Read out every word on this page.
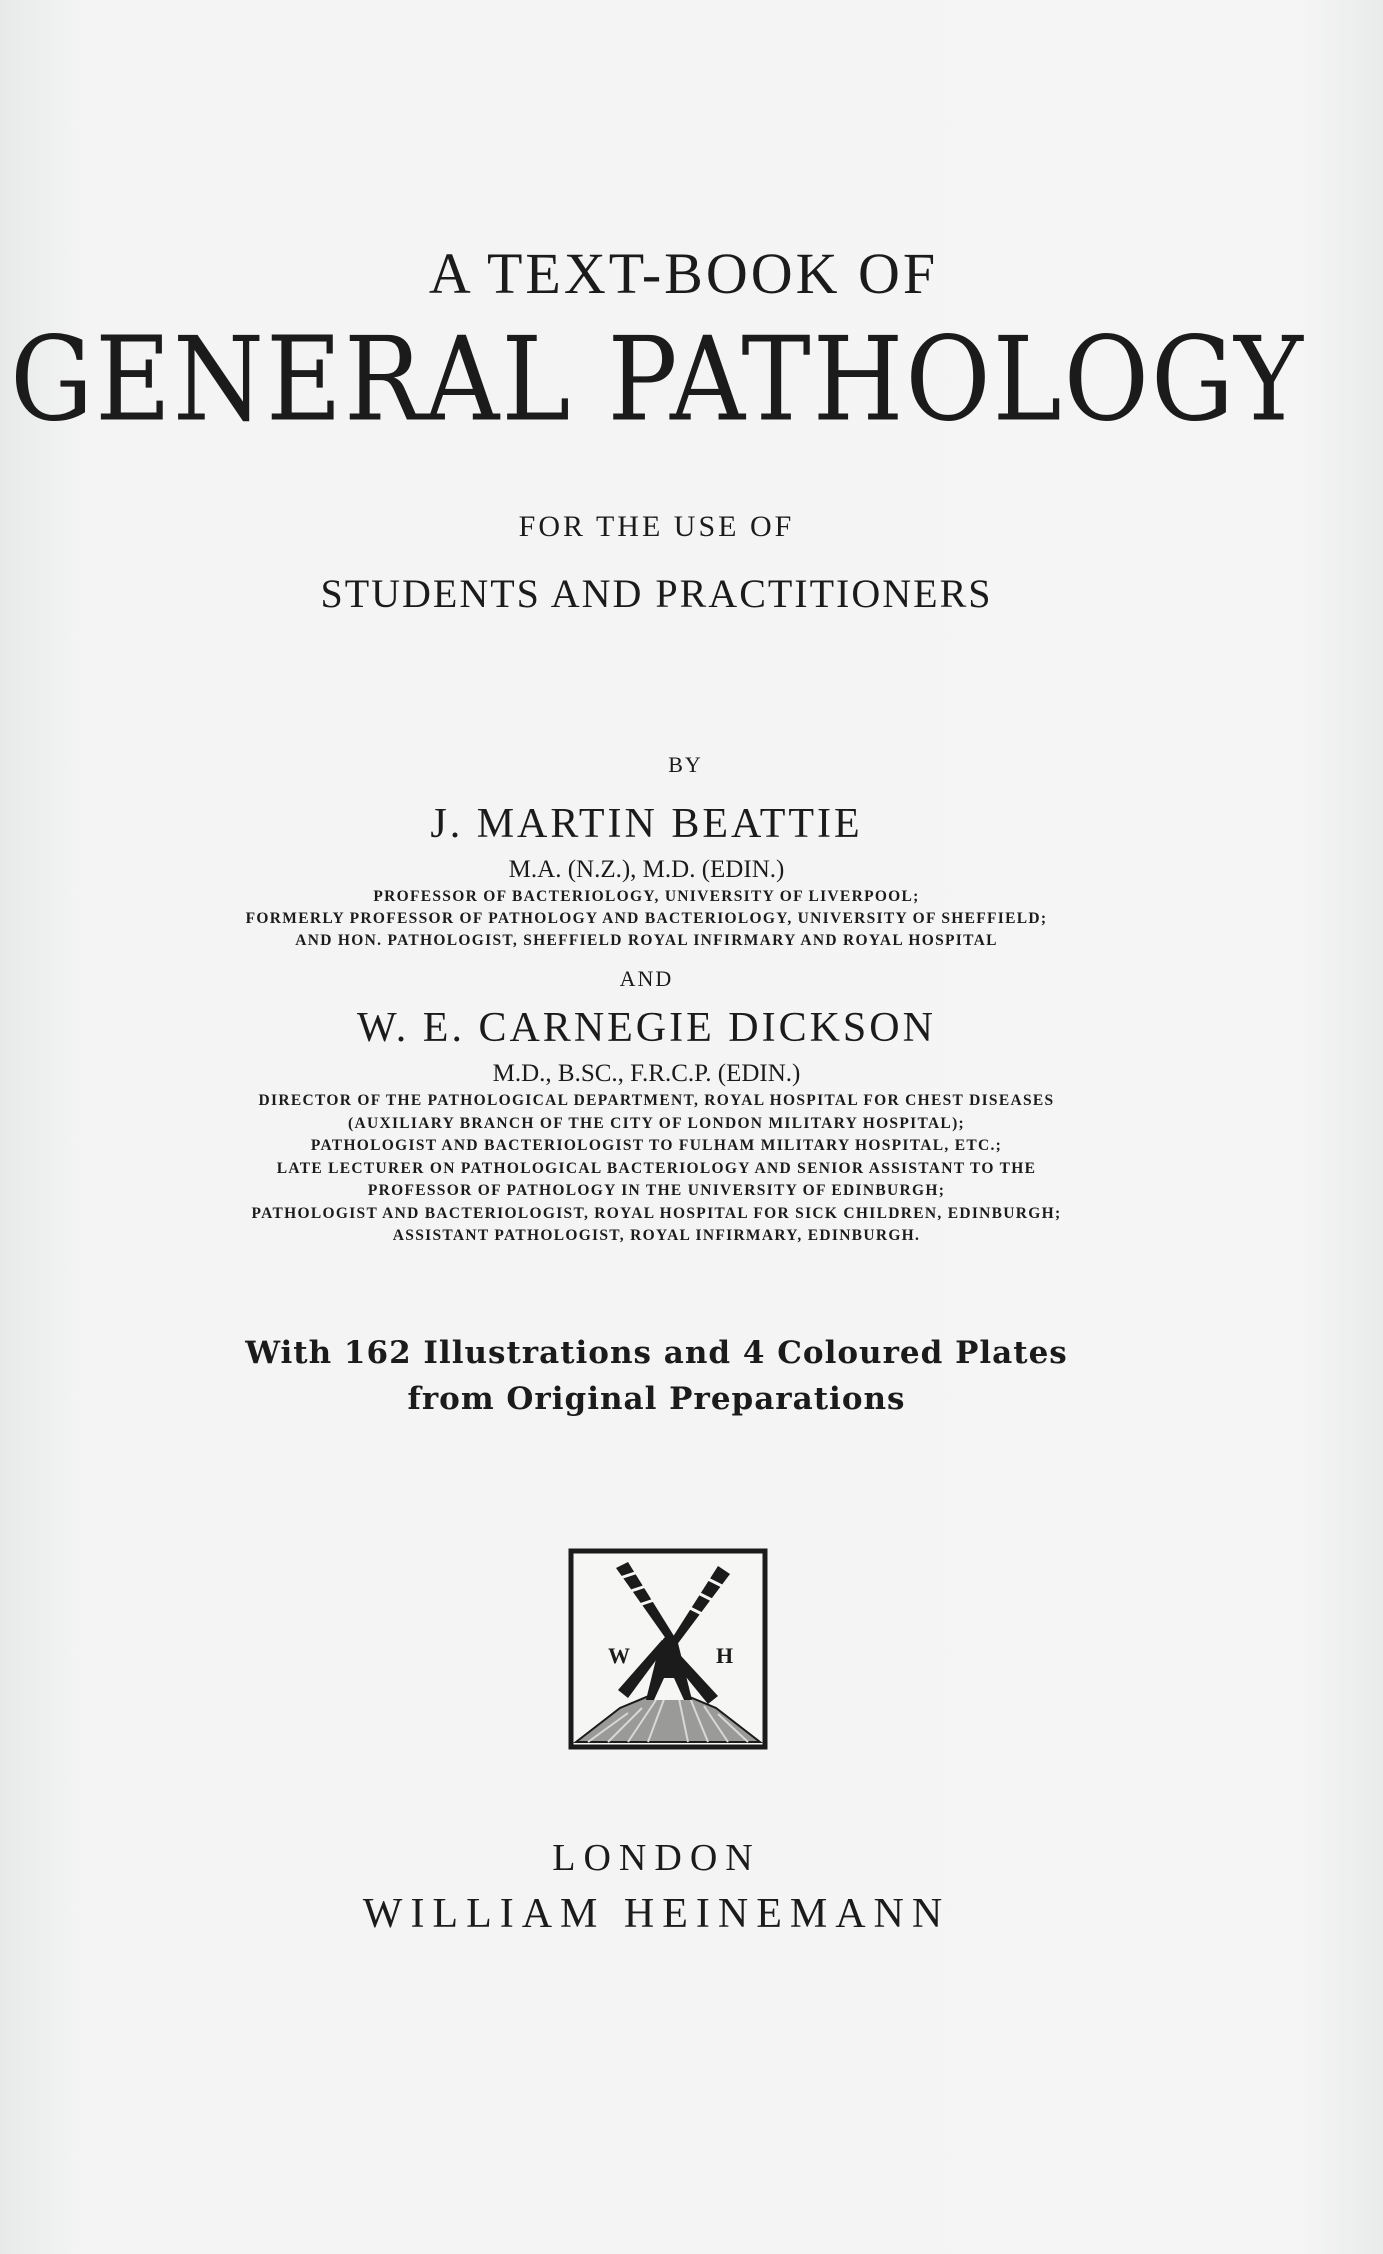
A TEXT-BOOK OF
GENERAL PATHOLOGY
FOR THE USE OF
STUDENTS AND PRACTITIONERS
BY
J. MARTIN BEATTIE
M.A. (N.Z.), M.D. (EDIN.)
PROFESSOR OF BACTERIOLOGY, UNIVERSITY OF LIVERPOOL;
FORMERLY PROFESSOR OF PATHOLOGY AND BACTERIOLOGY, UNIVERSITY OF SHEFFIELD;
AND HON. PATHOLOGIST, SHEFFIELD ROYAL INFIRMARY AND ROYAL HOSPITAL
AND
W. E. CARNEGIE DICKSON
M.D., B.SC., F.R.C.P. (EDIN.)
DIRECTOR OF THE PATHOLOGICAL DEPARTMENT, ROYAL HOSPITAL FOR CHEST DISEASES
(AUXILIARY BRANCH OF THE CITY OF LONDON MILITARY HOSPITAL);
PATHOLOGIST AND BACTERIOLOGIST TO FULHAM MILITARY HOSPITAL, ETC.;
LATE LECTURER ON PATHOLOGICAL BACTERIOLOGY AND SENIOR ASSISTANT TO THE
PROFESSOR OF PATHOLOGY IN THE UNIVERSITY OF EDINBURGH;
PATHOLOGIST AND BACTERIOLOGIST, ROYAL HOSPITAL FOR SICK CHILDREN, EDINBURGH;
ASSISTANT PATHOLOGIST, ROYAL INFIRMARY, EDINBURGH.
With 162 Illustrations and 4 Coloured Plates
from Original Preparations
W	H
LONDON
WILLIAM HEINEMANN
